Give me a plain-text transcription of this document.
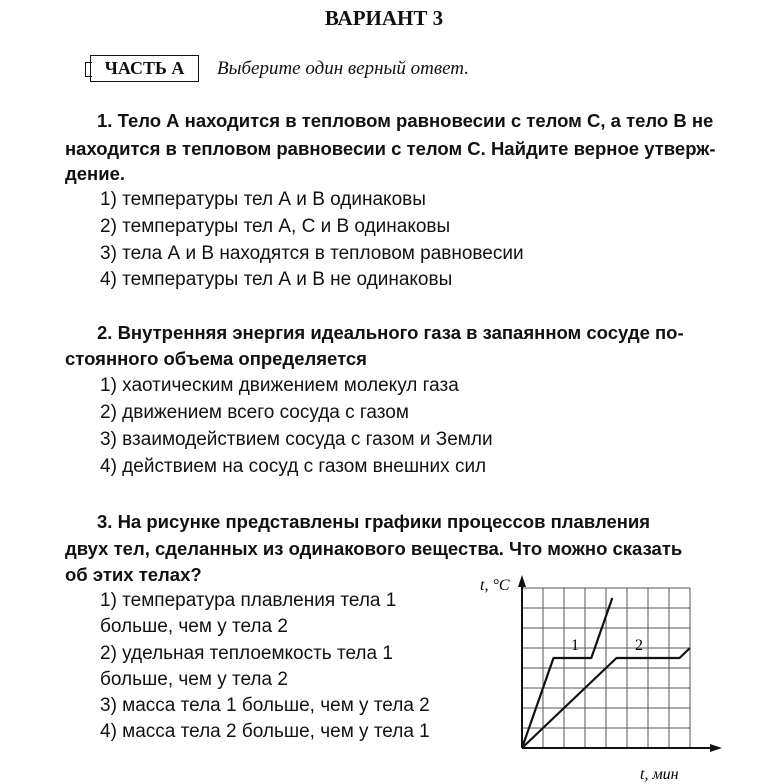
ВАРИАНТ 3
ЧАСТЬ А	Выберите один верный ответ.
1. Тело А находится в тепловом равновесии с телом С, а тело В не
находится в тепловом равновесии с телом С. Найдите верное утверж-
дение.
1) температуры тел А и В одинаковы
2) температуры тел А, С и В одинаковы
3) тела А и В находятся в тепловом равновесии
4) температуры тел А и В не одинаковы
2. Внутренняя энергия идеального газа в запаянном сосуде по-
стоянного объема определяется
1) хаотическим движением молекул газа
2) движением всего сосуда с газом
3) взаимодействием сосуда с газом и Земли
4) действием на сосуд с газом внешних сил
3. На рисунке представлены графики процессов плавления
двух тел, сделанных из одинакового вещества. Что можно сказать
об этих телах?
1) температура плавления тела 1
больше, чем у тела 2
2) удельная теплоемкость тела 1
больше, чем у тела 2
3) масса тела 1 больше, чем у тела 2
4) масса тела 2 больше, чем у тела 1
t, °C
t, мин
1	2
